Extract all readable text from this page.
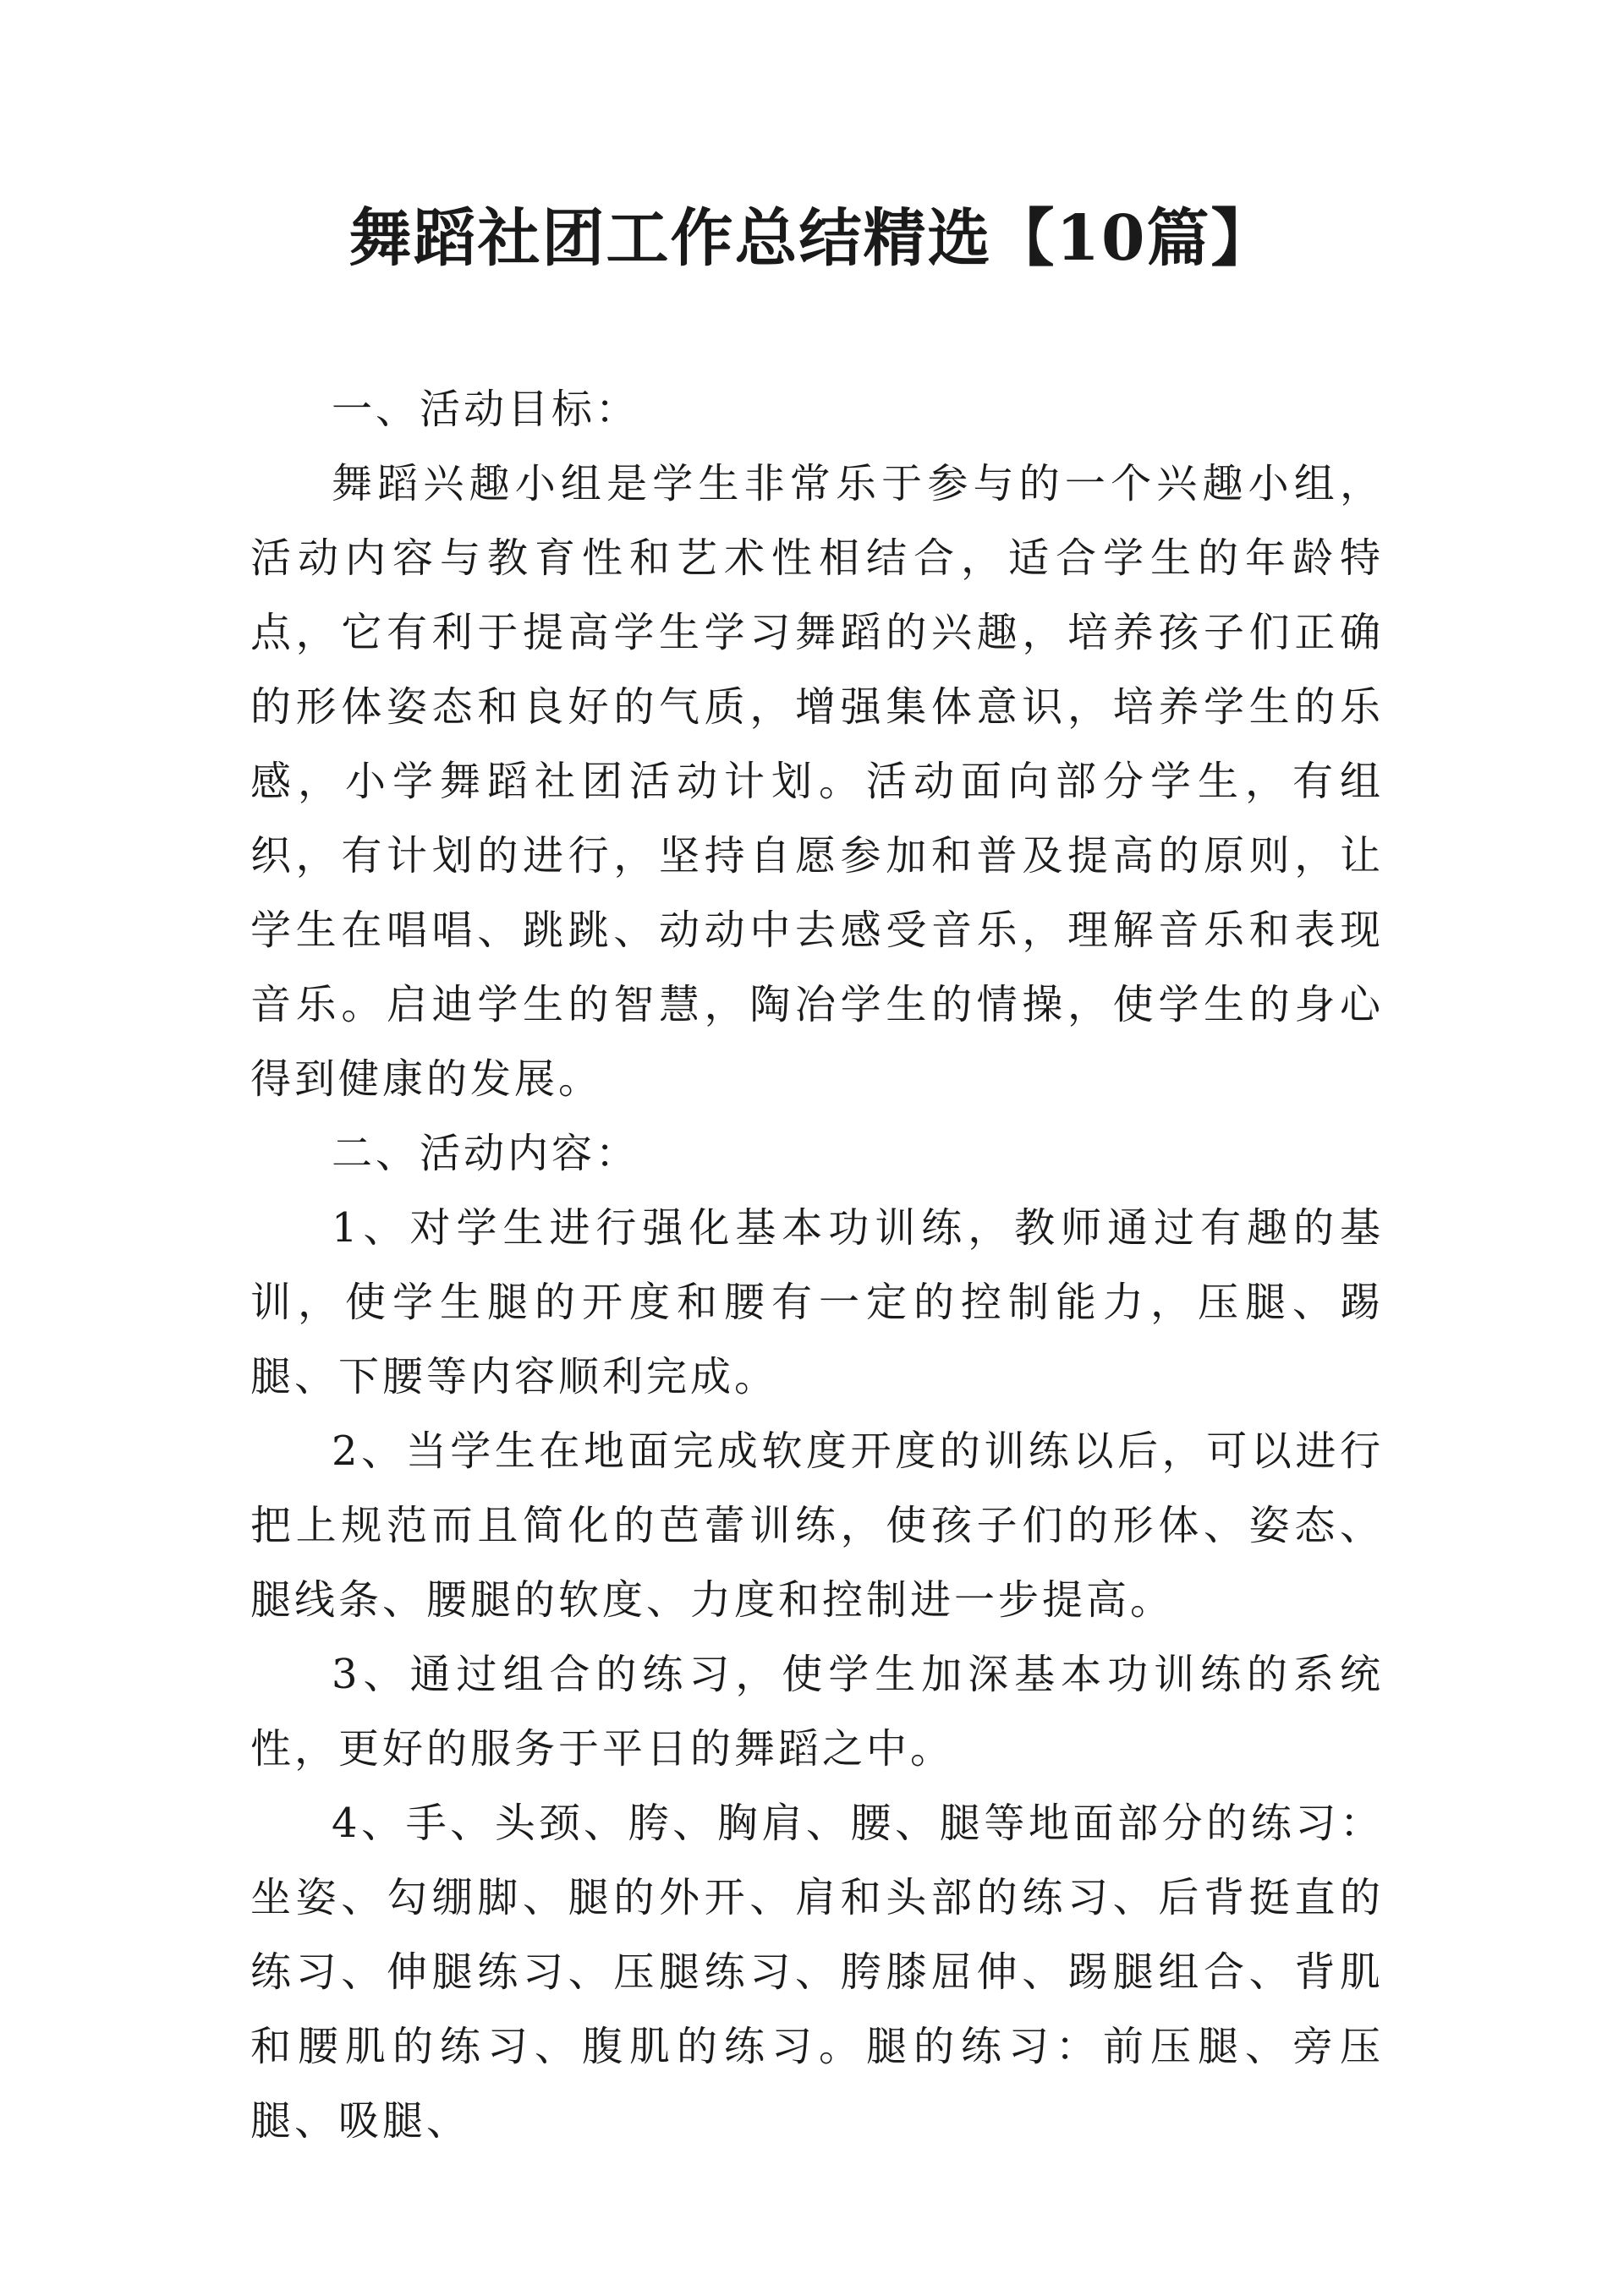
舞蹈社团工作总结精选【10篇】

一、活动目标：

舞蹈兴趣小组是学生非常乐于参与的一个兴趣小组，活动内容与教育性和艺术性相结合，适合学生的年龄特点，它有利于提高学生学习舞蹈的兴趣，培养孩子们正确的形体姿态和良好的气质，增强集体意识，培养学生的乐感，小学舞蹈社团活动计划。活动面向部分学生，有组织，有计划的进行，坚持自愿参加和普及提高的原则，让学生在唱唱、跳跳、动动中去感受音乐，理解音乐和表现音乐。启迪学生的智慧，陶冶学生的情操，使学生的身心得到健康的发展。

二、活动内容：

1、对学生进行强化基本功训练，教师通过有趣的基训，使学生腿的开度和腰有一定的控制能力，压腿、踢腿、下腰等内容顺利完成。

2、当学生在地面完成软度开度的训练以后，可以进行把上规范而且简化的芭蕾训练，使孩子们的形体、姿态、腿线条、腰腿的软度、力度和控制进一步提高。

3、通过组合的练习，使学生加深基本功训练的系统性，更好的服务于平日的舞蹈之中。

4、手、头颈、胯、胸肩、腰、腿等地面部分的练习：坐姿、勾绷脚、腿的外开、肩和头部的练习、后背挺直的练习、伸腿练习、压腿练习、胯膝屈伸、踢腿组合、背肌和腰肌的练习、腹肌的练习。腿的练习：前压腿、旁压腿、吸腿、
